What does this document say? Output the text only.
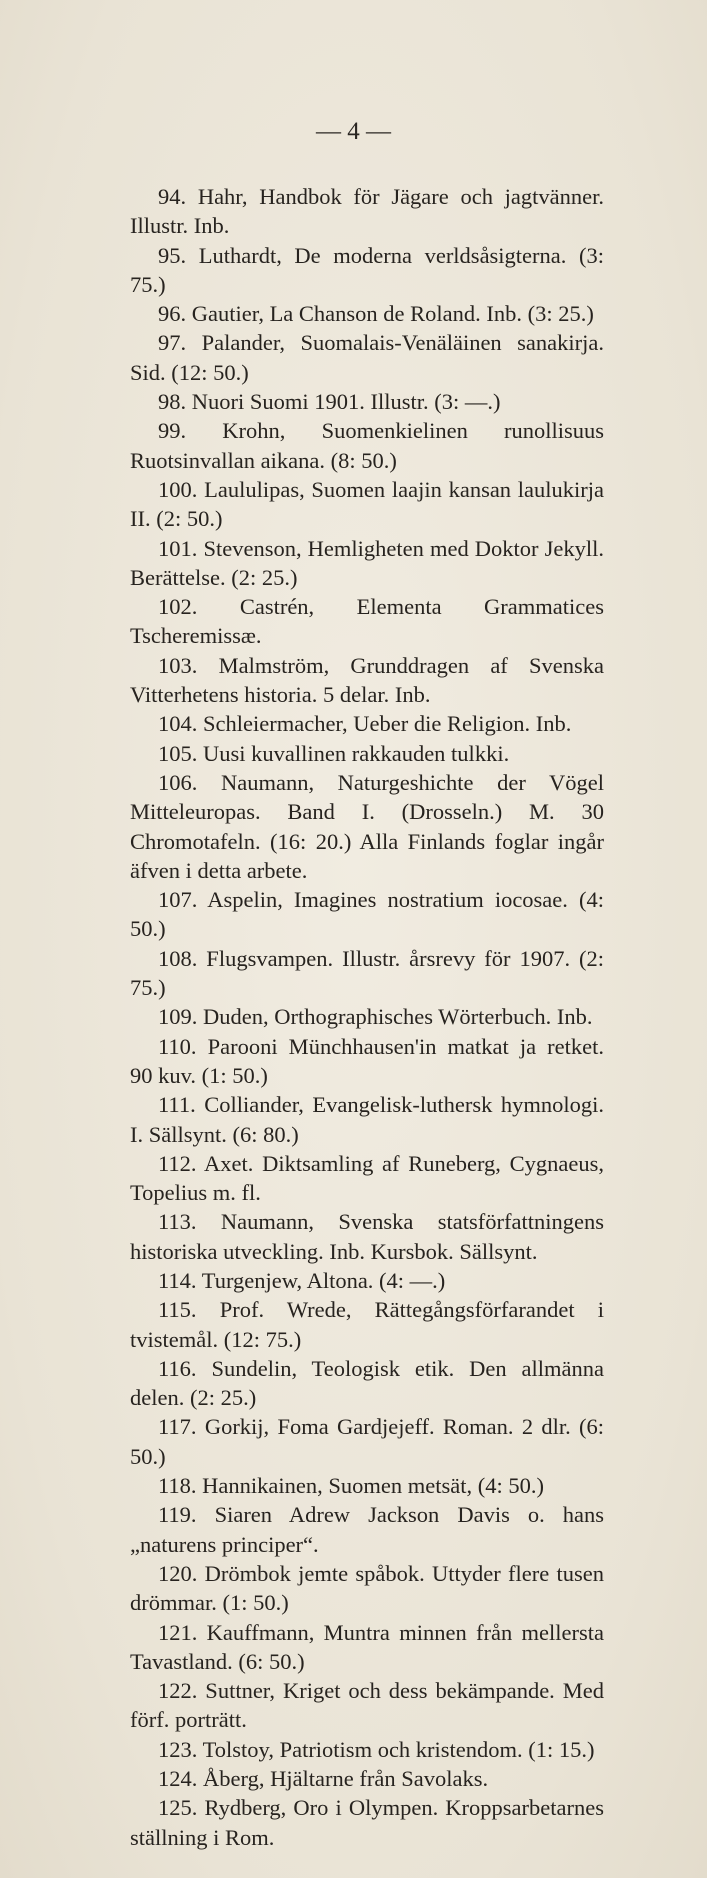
— 4 —

94. Hahr, Handbok för Jägare och jagtvänner. Illustr. Inb.

95. Luthardt, De moderna verldsåsigterna. (3: 75.)

96. Gautier, La Chanson de Roland. Inb. (3: 25.)

97. Palander, Suomalais-Venäläinen sanakirja. Sid. (12: 50.)

98. Nuori Suomi 1901. Illustr. (3: —.)

99. Krohn, Suomenkielinen runollisuus Ruotsinvallan aikana. (8: 50.)

100. Laululipas, Suomen laajin kansan laulukirja II. (2: 50.)

101. Stevenson, Hemligheten med Doktor Jekyll. Berättelse. (2: 25.)

102. Castrén, Elementa Grammatices Tscheremissæ.

103. Malmström, Grunddragen af Svenska Vitterhetens historia. 5 delar. Inb.

104. Schleiermacher, Ueber die Religion. Inb.

105. Uusi kuvallinen rakkauden tulkki.

106. Naumann, Naturgeshichte der Vögel Mitteleuropas. Band I. (Drosseln.) M. 30 Chromotafeln. (16: 20.) Alla Finlands foglar ingår äfven i detta arbete.

107. Aspelin, Imagines nostratium iocosae. (4: 50.)

108. Flugsvampen. Illustr. årsrevy för 1907. (2: 75.)

109. Duden, Orthographisches Wörterbuch. Inb.

110. Parooni Münchhausen'in matkat ja retket. 90 kuv. (1: 50.)

111. Colliander, Evangelisk-luthersk hymnologi. I. Sällsynt. (6: 80.)

112. Axet. Diktsamling af Runeberg, Cygnaeus, Topelius m. fl.

113. Naumann, Svenska statsförfattningens historiska utveckling. Inb. Kursbok. Sällsynt.

114. Turgenjew, Altona. (4: —.)

115. Prof. Wrede, Rättegångsförfarandet i tvistemål. (12: 75.)

116. Sundelin, Teologisk etik. Den allmänna delen. (2: 25.)

117. Gorkij, Foma Gardjejeff. Roman. 2 dlr. (6: 50.)

118. Hannikainen, Suomen metsät, (4: 50.)

119. Siaren Adrew Jackson Davis o. hans „naturens principer“.

120. Drömbok jemte spåbok. Uttyder flere tusen drömmar. (1: 50.)

121. Kauffmann, Muntra minnen från mellersta Tavastland. (6: 50.)

122. Suttner, Kriget och dess bekämpande. Med förf. porträtt.

123. Tolstoy, Patriotism och kristendom. (1: 15.)

124. Åberg, Hjältarne från Savolaks.

125. Rydberg, Oro i Olympen. Kroppsarbetarnes ställning i Rom.
